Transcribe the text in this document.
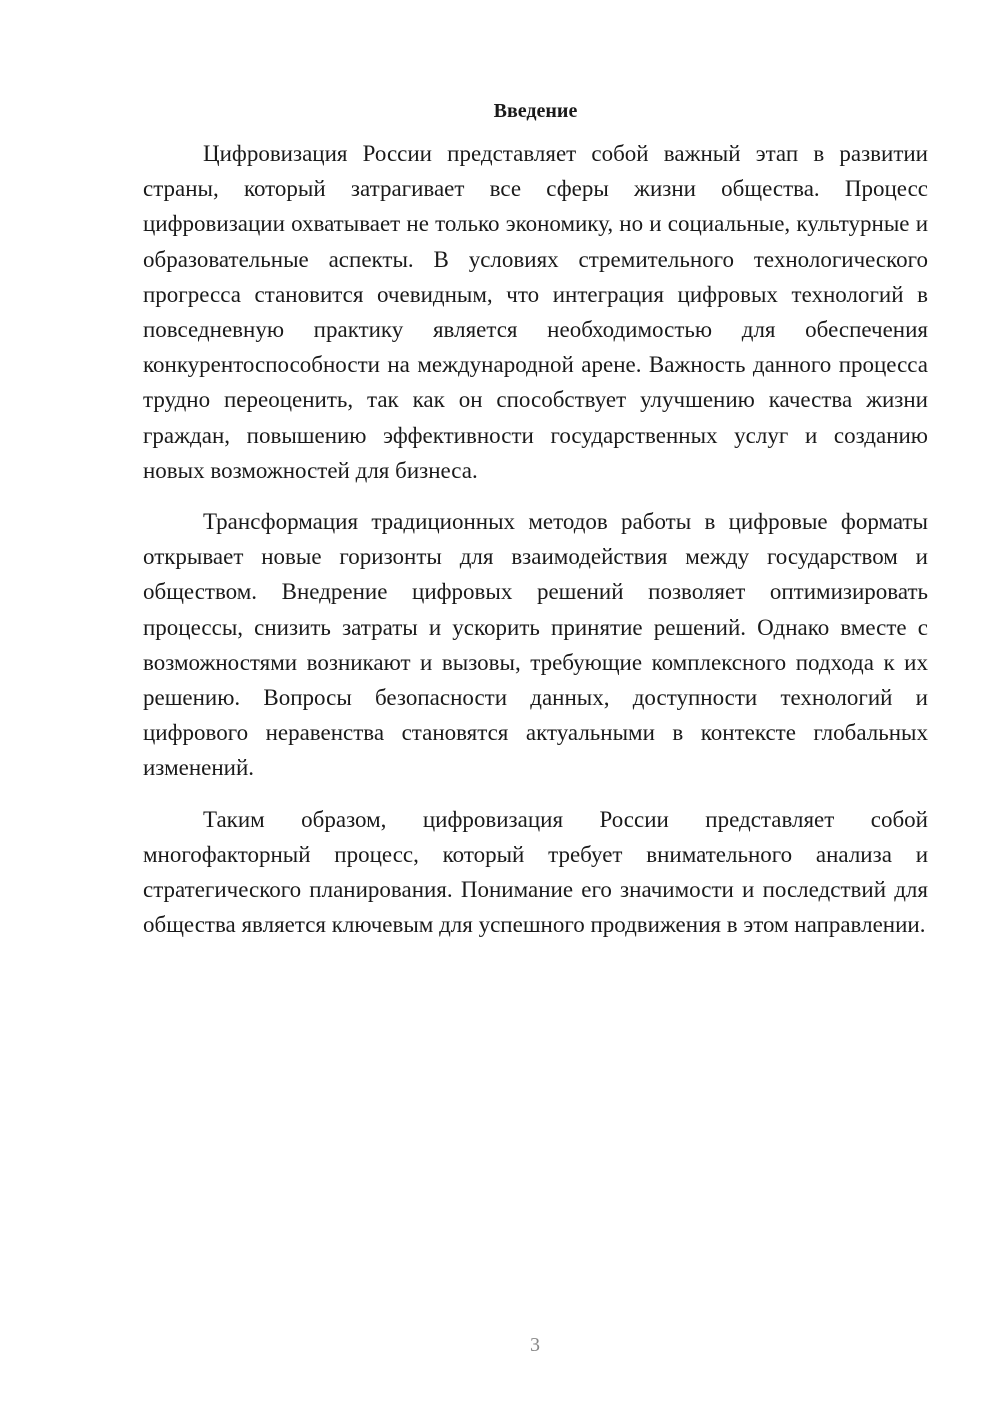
Введение

Цифровизация России представляет собой важный этап в развитии страны, который затрагивает все сферы жизни общества. Процесс цифровизации охватывает не только экономику, но и социальные, культурные и образовательные аспекты. В условиях стремительного технологического прогресса становится очевидным, что интеграция цифровых технологий в повседневную практику является необходимостью для обеспечения конкурентоспособности на международной арене. Важность данного процесса трудно переоценить, так как он способствует улучшению качества жизни граждан, повышению эффективности государственных услуг и созданию новых возможностей для бизнеса.

Трансформация традиционных методов работы в цифровые форматы открывает новые горизонты для взаимодействия между государством и обществом. Внедрение цифровых решений позволяет оптимизировать процессы, снизить затраты и ускорить принятие решений. Однако вместе с возможностями возникают и вызовы, требующие комплексного подхода к их решению. Вопросы безопасности данных, доступности технологий и цифрового неравенства становятся актуальными в контексте глобальных изменений.

Таким образом, цифровизация России представляет собой многофакторный процесс, который требует внимательного анализа и стратегического планирования. Понимание его значимости и последствий для общества является ключевым для успешного продвижения в этом направлении.

3
